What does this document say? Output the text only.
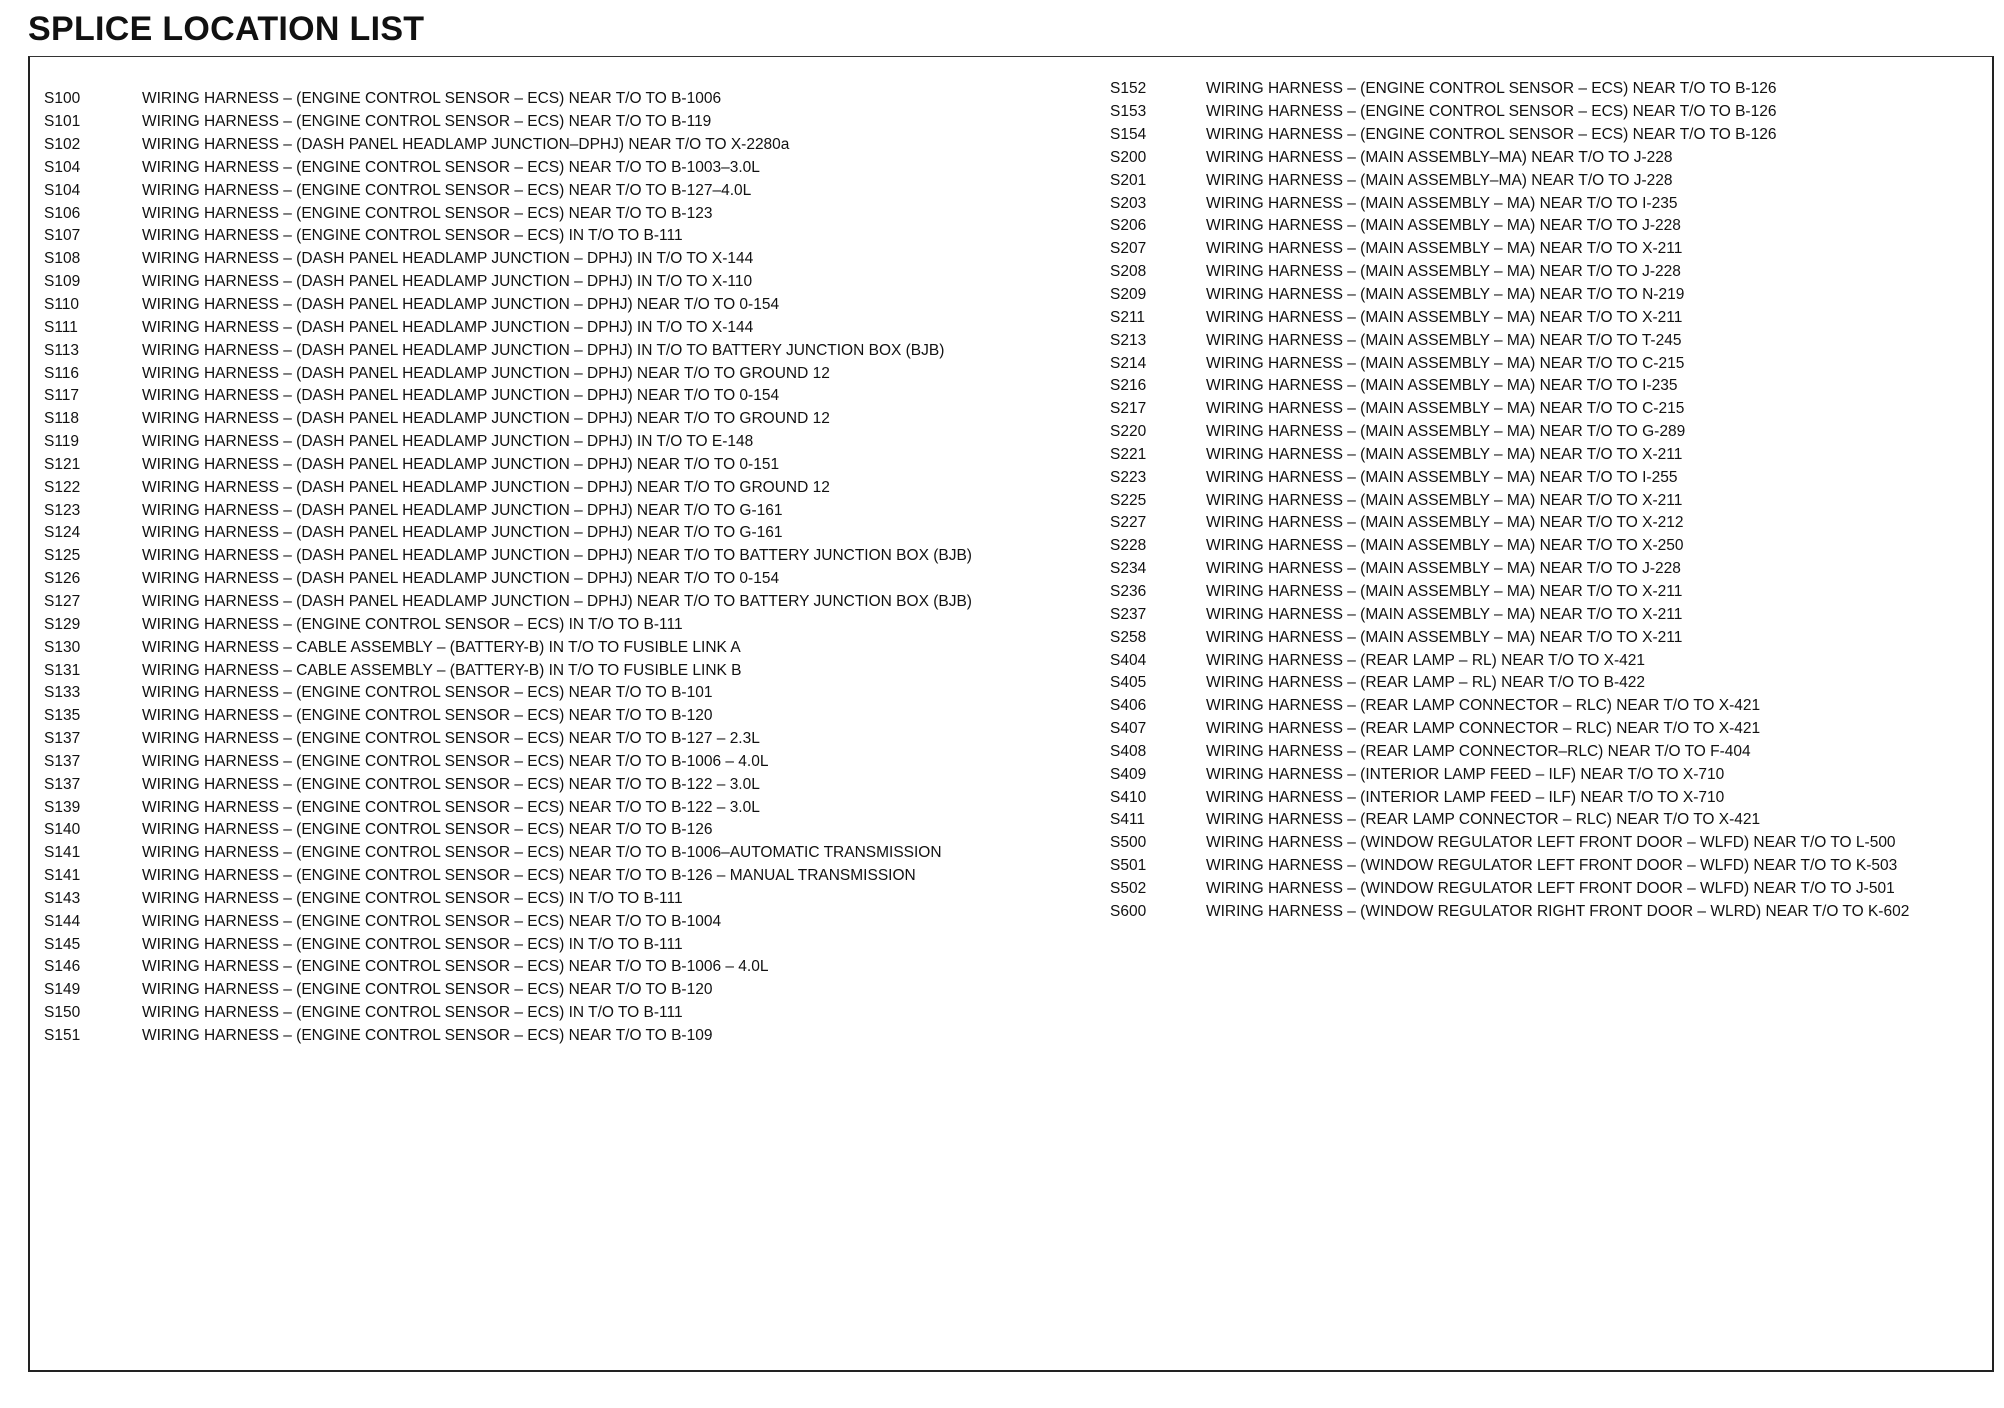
SPLICE LOCATION LIST
S100	WIRING HARNESS – (ENGINE CONTROL SENSOR – ECS) NEAR T/O TO B-1006
S101	WIRING HARNESS – (ENGINE CONTROL SENSOR – ECS) NEAR T/O TO B-119
S102	WIRING HARNESS – (DASH PANEL HEADLAMP JUNCTION–DPHJ) NEAR T/O TO X-2280a
S104	WIRING HARNESS – (ENGINE CONTROL SENSOR – ECS) NEAR T/O TO B-1003–3.0L
S104	WIRING HARNESS – (ENGINE CONTROL SENSOR – ECS) NEAR T/O TO B-127–4.0L
S106	WIRING HARNESS – (ENGINE CONTROL SENSOR – ECS) NEAR T/O TO B-123
S107	WIRING HARNESS – (ENGINE CONTROL SENSOR – ECS) IN T/O TO B-111
S108	WIRING HARNESS – (DASH PANEL HEADLAMP JUNCTION – DPHJ) IN T/O TO X-144
S109	WIRING HARNESS – (DASH PANEL HEADLAMP JUNCTION – DPHJ) IN T/O TO X-110
S110	WIRING HARNESS – (DASH PANEL HEADLAMP JUNCTION – DPHJ) NEAR T/O TO 0-154
S111	WIRING HARNESS – (DASH PANEL HEADLAMP JUNCTION – DPHJ) IN T/O TO X-144
S113	WIRING HARNESS – (DASH PANEL HEADLAMP JUNCTION – DPHJ) IN T/O TO BATTERY JUNCTION BOX (BJB)
S116	WIRING HARNESS – (DASH PANEL HEADLAMP JUNCTION – DPHJ) NEAR T/O TO GROUND 12
S117	WIRING HARNESS – (DASH PANEL HEADLAMP JUNCTION – DPHJ) NEAR T/O TO 0-154
S118	WIRING HARNESS – (DASH PANEL HEADLAMP JUNCTION – DPHJ) NEAR T/O TO GROUND 12
S119	WIRING HARNESS – (DASH PANEL HEADLAMP JUNCTION – DPHJ) IN T/O TO E-148
S121	WIRING HARNESS – (DASH PANEL HEADLAMP JUNCTION – DPHJ) NEAR T/O TO 0-151
S122	WIRING HARNESS – (DASH PANEL HEADLAMP JUNCTION – DPHJ) NEAR T/O TO GROUND 12
S123	WIRING HARNESS – (DASH PANEL HEADLAMP JUNCTION – DPHJ) NEAR T/O TO G-161
S124	WIRING HARNESS – (DASH PANEL HEADLAMP JUNCTION – DPHJ) NEAR T/O TO G-161
S125	WIRING HARNESS – (DASH PANEL HEADLAMP JUNCTION – DPHJ) NEAR T/O TO BATTERY JUNCTION BOX (BJB)
S126	WIRING HARNESS – (DASH PANEL HEADLAMP JUNCTION – DPHJ) NEAR T/O TO 0-154
S127	WIRING HARNESS – (DASH PANEL HEADLAMP JUNCTION – DPHJ) NEAR T/O TO BATTERY JUNCTION BOX (BJB)
S129	WIRING HARNESS – (ENGINE CONTROL SENSOR – ECS) IN T/O TO B-111
S130	WIRING HARNESS – CABLE ASSEMBLY – (BATTERY-B) IN T/O TO FUSIBLE LINK A
S131	WIRING HARNESS – CABLE ASSEMBLY – (BATTERY-B) IN T/O TO FUSIBLE LINK B
S133	WIRING HARNESS – (ENGINE CONTROL SENSOR – ECS) NEAR T/O TO B-101
S135	WIRING HARNESS – (ENGINE CONTROL SENSOR – ECS) NEAR T/O TO B-120
S137	WIRING HARNESS – (ENGINE CONTROL SENSOR – ECS) NEAR T/O TO B-127 – 2.3L
S137	WIRING HARNESS – (ENGINE CONTROL SENSOR – ECS) NEAR T/O TO B-1006 – 4.0L
S137	WIRING HARNESS – (ENGINE CONTROL SENSOR – ECS) NEAR T/O TO B-122 – 3.0L
S139	WIRING HARNESS – (ENGINE CONTROL SENSOR – ECS) NEAR T/O TO B-122 – 3.0L
S140	WIRING HARNESS – (ENGINE CONTROL SENSOR – ECS) NEAR T/O TO B-126
S141	WIRING HARNESS – (ENGINE CONTROL SENSOR – ECS) NEAR T/O TO B-1006–AUTOMATIC TRANSMISSION
S141	WIRING HARNESS – (ENGINE CONTROL SENSOR – ECS) NEAR T/O TO B-126 – MANUAL TRANSMISSION
S143	WIRING HARNESS – (ENGINE CONTROL SENSOR – ECS) IN T/O TO B-111
S144	WIRING HARNESS – (ENGINE CONTROL SENSOR – ECS) NEAR T/O TO B-1004
S145	WIRING HARNESS – (ENGINE CONTROL SENSOR – ECS) IN T/O TO B-111
S146	WIRING HARNESS – (ENGINE CONTROL SENSOR – ECS) NEAR T/O TO B-1006 – 4.0L
S149	WIRING HARNESS – (ENGINE CONTROL SENSOR – ECS) NEAR T/O TO B-120
S150	WIRING HARNESS – (ENGINE CONTROL SENSOR – ECS) IN T/O TO B-111
S151	WIRING HARNESS – (ENGINE CONTROL SENSOR – ECS) NEAR T/O TO B-109
S152	WIRING HARNESS – (ENGINE CONTROL SENSOR – ECS) NEAR T/O TO B-126
S153	WIRING HARNESS – (ENGINE CONTROL SENSOR – ECS) NEAR T/O TO B-126
S154	WIRING HARNESS – (ENGINE CONTROL SENSOR – ECS) NEAR T/O TO B-126
S200	WIRING HARNESS – (MAIN ASSEMBLY–MA) NEAR T/O TO J-228
S201	WIRING HARNESS – (MAIN ASSEMBLY–MA) NEAR T/O TO J-228
S203	WIRING HARNESS – (MAIN ASSEMBLY – MA) NEAR T/O TO I-235
S206	WIRING HARNESS – (MAIN ASSEMBLY – MA) NEAR T/O TO J-228
S207	WIRING HARNESS – (MAIN ASSEMBLY – MA) NEAR T/O TO X-211
S208	WIRING HARNESS – (MAIN ASSEMBLY – MA) NEAR T/O TO J-228
S209	WIRING HARNESS – (MAIN ASSEMBLY – MA) NEAR T/O TO N-219
S211	WIRING HARNESS – (MAIN ASSEMBLY – MA) NEAR T/O TO X-211
S213	WIRING HARNESS – (MAIN ASSEMBLY – MA) NEAR T/O TO T-245
S214	WIRING HARNESS – (MAIN ASSEMBLY – MA) NEAR T/O TO C-215
S216	WIRING HARNESS – (MAIN ASSEMBLY – MA) NEAR T/O TO I-235
S217	WIRING HARNESS – (MAIN ASSEMBLY – MA) NEAR T/O TO C-215
S220	WIRING HARNESS – (MAIN ASSEMBLY – MA) NEAR T/O TO G-289
S221	WIRING HARNESS – (MAIN ASSEMBLY – MA) NEAR T/O TO X-211
S223	WIRING HARNESS – (MAIN ASSEMBLY – MA) NEAR T/O TO I-255
S225	WIRING HARNESS – (MAIN ASSEMBLY – MA) NEAR T/O TO X-211
S227	WIRING HARNESS – (MAIN ASSEMBLY – MA) NEAR T/O TO X-212
S228	WIRING HARNESS – (MAIN ASSEMBLY – MA) NEAR T/O TO X-250
S234	WIRING HARNESS – (MAIN ASSEMBLY – MA) NEAR T/O TO J-228
S236	WIRING HARNESS – (MAIN ASSEMBLY – MA) NEAR T/O TO X-211
S237	WIRING HARNESS – (MAIN ASSEMBLY – MA) NEAR T/O TO X-211
S258	WIRING HARNESS – (MAIN ASSEMBLY – MA) NEAR T/O TO X-211
S404	WIRING HARNESS – (REAR LAMP – RL) NEAR T/O TO X-421
S405	WIRING HARNESS – (REAR LAMP – RL) NEAR T/O TO B-422
S406	WIRING HARNESS – (REAR LAMP CONNECTOR – RLC) NEAR T/O TO X-421
S407	WIRING HARNESS – (REAR LAMP CONNECTOR – RLC) NEAR T/O TO X-421
S408	WIRING HARNESS – (REAR LAMP CONNECTOR–RLC) NEAR T/O TO F-404
S409	WIRING HARNESS – (INTERIOR LAMP FEED – ILF) NEAR T/O TO X-710
S410	WIRING HARNESS – (INTERIOR LAMP FEED – ILF) NEAR T/O TO X-710
S411	WIRING HARNESS – (REAR LAMP CONNECTOR – RLC) NEAR T/O TO X-421
S500	WIRING HARNESS – (WINDOW REGULATOR LEFT FRONT DOOR – WLFD) NEAR T/O TO L-500
S501	WIRING HARNESS – (WINDOW REGULATOR LEFT FRONT DOOR – WLFD) NEAR T/O TO K-503
S502	WIRING HARNESS – (WINDOW REGULATOR LEFT FRONT DOOR – WLFD) NEAR T/O TO J-501
S600	WIRING HARNESS – (WINDOW REGULATOR RIGHT FRONT DOOR – WLRD) NEAR T/O TO K-602
